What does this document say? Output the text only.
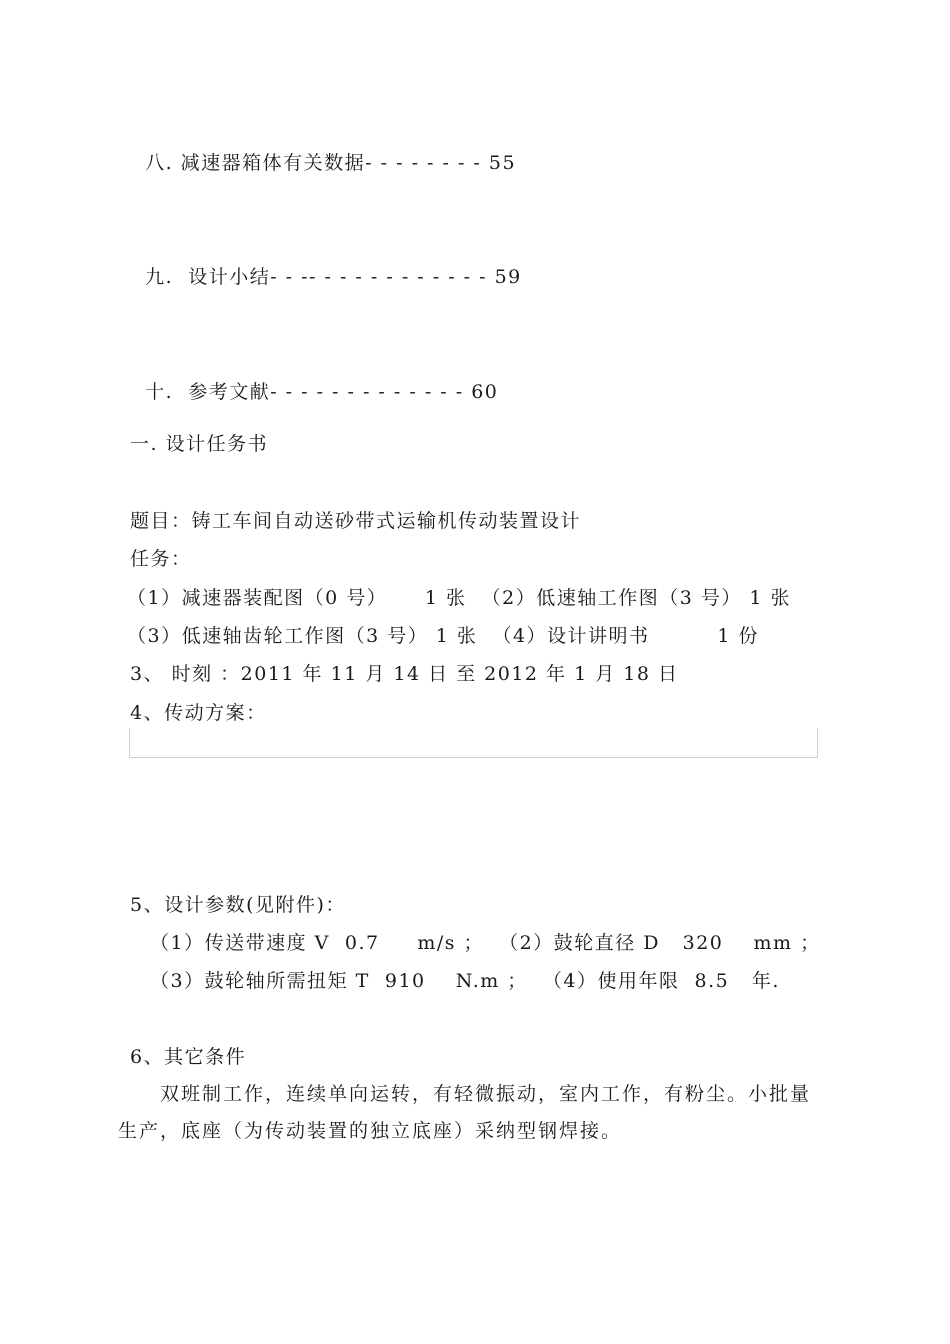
八. 减速器箱体有关数据- - - - - - - - 55

九.  设计小结- - -- - - - - - - - - - - - 59

十.  参考文献- - - - - - - - - - - - - 60

一. 设计任务书
题目：铸工车间自动送砂带式运输机传动装置设计
任务：
（1）减速器装配图（0 号）     1 张  （2）低速轴工作图（3 号） 1 张
（3）低速轴齿轮工作图（3 号） 1 张  （4）设计讲明书         1 份
3、 时刻 ：2011 年 11 月 14 日 至 2012 年 1 月 18 日
4、传动方案：
5、设计参数(见附件)：
（1）传送带速度 V  0.7     m/s ；  （2）鼓轮直径 D   320    mm ；
（3）鼓轮轴所需扭矩 T  910    N.m ；  （4）使用年限  8.5   年.
6、其它条件
双班制工作，连续单向运转，有轻微振动，室内工作，有粉尘。小批量生产，底座（为传动装置的独立底座）采纳型钢焊接。
